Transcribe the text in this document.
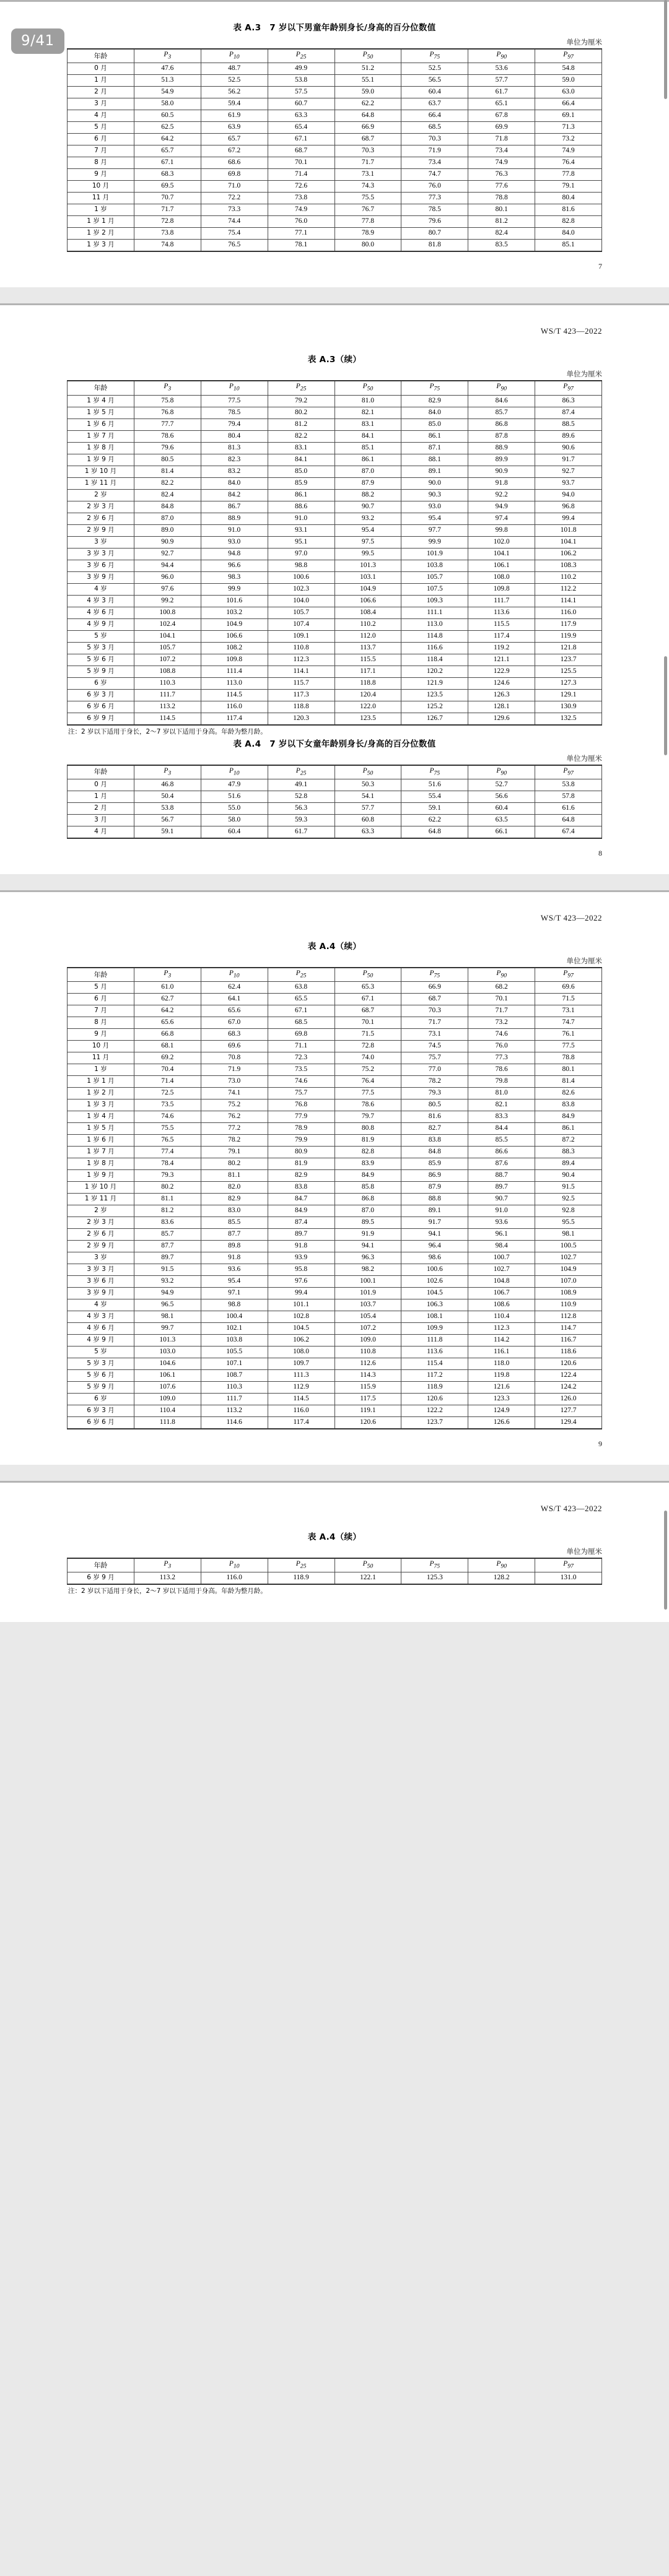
表 A.3　7 岁以下男童年龄别身长/身高的百分位数值
单位为厘米
年龄	$P_3$	$P_{10}$	$P_{25}$	$P_{50}$	$P_{75}$	$P_{90}$	$P_{97}$
0 月	47.6	48.7	49.9	51.2	52.5	53.6	54.8
1 月	51.3	52.5	53.8	55.1	56.5	57.7	59.0
2 月	54.9	56.2	57.5	59.0	60.4	61.7	63.0
3 月	58.0	59.4	60.7	62.2	63.7	65.1	66.4
4 月	60.5	61.9	63.3	64.8	66.4	67.8	69.1
5 月	62.5	63.9	65.4	66.9	68.5	69.9	71.3
6 月	64.2	65.7	67.1	68.7	70.3	71.8	73.2
7 月	65.7	67.2	68.7	70.3	71.9	73.4	74.9
8 月	67.1	68.6	70.1	71.7	73.4	74.9	76.4
9 月	68.3	69.8	71.4	73.1	74.7	76.3	77.8
10 月	69.5	71.0	72.6	74.3	76.0	77.6	79.1
11 月	70.7	72.2	73.8	75.5	77.3	78.8	80.4
1 岁	71.7	73.3	74.9	76.7	78.5	80.1	81.6
1 岁 1 月	72.8	74.4	76.0	77.8	79.6	81.2	82.8
1 岁 2 月	73.8	75.4	77.1	78.9	80.7	82.4	84.0
1 岁 3 月	74.8	76.5	78.1	80.0	81.8	83.5	85.1
7
9/41
WS/T 423—2022
表 A.3（续）
单位为厘米
年龄	$P_3$	$P_{10}$	$P_{25}$	$P_{50}$	$P_{75}$	$P_{90}$	$P_{97}$
1 岁 4 月	75.8	77.5	79.2	81.0	82.9	84.6	86.3
1 岁 5 月	76.8	78.5	80.2	82.1	84.0	85.7	87.4
1 岁 6 月	77.7	79.4	81.2	83.1	85.0	86.8	88.5
1 岁 7 月	78.6	80.4	82.2	84.1	86.1	87.8	89.6
1 岁 8 月	79.6	81.3	83.1	85.1	87.1	88.9	90.6
1 岁 9 月	80.5	82.3	84.1	86.1	88.1	89.9	91.7
1 岁 10 月	81.4	83.2	85.0	87.0	89.1	90.9	92.7
1 岁 11 月	82.2	84.0	85.9	87.9	90.0	91.8	93.7
2 岁	82.4	84.2	86.1	88.2	90.3	92.2	94.0
2 岁 3 月	84.8	86.7	88.6	90.7	93.0	94.9	96.8
2 岁 6 月	87.0	88.9	91.0	93.2	95.4	97.4	99.4
2 岁 9 月	89.0	91.0	93.1	95.4	97.7	99.8	101.8
3 岁	90.9	93.0	95.1	97.5	99.9	102.0	104.1
3 岁 3 月	92.7	94.8	97.0	99.5	101.9	104.1	106.2
3 岁 6 月	94.4	96.6	98.8	101.3	103.8	106.1	108.3
3 岁 9 月	96.0	98.3	100.6	103.1	105.7	108.0	110.2
4 岁	97.6	99.9	102.3	104.9	107.5	109.8	112.2
4 岁 3 月	99.2	101.6	104.0	106.6	109.3	111.7	114.1
4 岁 6 月	100.8	103.2	105.7	108.4	111.1	113.6	116.0
4 岁 9 月	102.4	104.9	107.4	110.2	113.0	115.5	117.9
5 岁	104.1	106.6	109.1	112.0	114.8	117.4	119.9
5 岁 3 月	105.7	108.2	110.8	113.7	116.6	119.2	121.8
5 岁 6 月	107.2	109.8	112.3	115.5	118.4	121.1	123.7
5 岁 9 月	108.8	111.4	114.1	117.1	120.2	122.9	125.5
6 岁	110.3	113.0	115.7	118.8	121.9	124.6	127.3
6 岁 3 月	111.7	114.5	117.3	120.4	123.5	126.3	129.1
6 岁 6 月	113.2	116.0	118.8	122.0	125.2	128.1	130.9
6 岁 9 月	114.5	117.4	120.3	123.5	126.7	129.6	132.5
注：2 岁以下适用于身长，2～7 岁以下适用于身高。年龄为整月龄。
表 A.4　7 岁以下女童年龄别身长/身高的百分位数值
单位为厘米
年龄	$P_3$	$P_{10}$	$P_{25}$	$P_{50}$	$P_{75}$	$P_{90}$	$P_{97}$
0 月	46.8	47.9	49.1	50.3	51.6	52.7	53.8
1 月	50.4	51.6	52.8	54.1	55.4	56.6	57.8
2 月	53.8	55.0	56.3	57.7	59.1	60.4	61.6
3 月	56.7	58.0	59.3	60.8	62.2	63.5	64.8
4 月	59.1	60.4	61.7	63.3	64.8	66.1	67.4
8
WS/T 423—2022
表 A.4（续）
单位为厘米
年龄	$P_3$	$P_{10}$	$P_{25}$	$P_{50}$	$P_{75}$	$P_{90}$	$P_{97}$
5 月	61.0	62.4	63.8	65.3	66.9	68.2	69.6
6 月	62.7	64.1	65.5	67.1	68.7	70.1	71.5
7 月	64.2	65.6	67.1	68.7	70.3	71.7	73.1
8 月	65.6	67.0	68.5	70.1	71.7	73.2	74.7
9 月	66.8	68.3	69.8	71.5	73.1	74.6	76.1
10 月	68.1	69.6	71.1	72.8	74.5	76.0	77.5
11 月	69.2	70.8	72.3	74.0	75.7	77.3	78.8
1 岁	70.4	71.9	73.5	75.2	77.0	78.6	80.1
1 岁 1 月	71.4	73.0	74.6	76.4	78.2	79.8	81.4
1 岁 2 月	72.5	74.1	75.7	77.5	79.3	81.0	82.6
1 岁 3 月	73.5	75.2	76.8	78.6	80.5	82.1	83.8
1 岁 4 月	74.6	76.2	77.9	79.7	81.6	83.3	84.9
1 岁 5 月	75.5	77.2	78.9	80.8	82.7	84.4	86.1
1 岁 6 月	76.5	78.2	79.9	81.9	83.8	85.5	87.2
1 岁 7 月	77.4	79.1	80.9	82.8	84.8	86.6	88.3
1 岁 8 月	78.4	80.2	81.9	83.9	85.9	87.6	89.4
1 岁 9 月	79.3	81.1	82.9	84.9	86.9	88.7	90.4
1 岁 10 月	80.2	82.0	83.8	85.8	87.9	89.7	91.5
1 岁 11 月	81.1	82.9	84.7	86.8	88.8	90.7	92.5
2 岁	81.2	83.0	84.9	87.0	89.1	91.0	92.8
2 岁 3 月	83.6	85.5	87.4	89.5	91.7	93.6	95.5
2 岁 6 月	85.7	87.7	89.7	91.9	94.1	96.1	98.1
2 岁 9 月	87.7	89.8	91.8	94.1	96.4	98.4	100.5
3 岁	89.7	91.8	93.9	96.3	98.6	100.7	102.7
3 岁 3 月	91.5	93.6	95.8	98.2	100.6	102.7	104.9
3 岁 6 月	93.2	95.4	97.6	100.1	102.6	104.8	107.0
3 岁 9 月	94.9	97.1	99.4	101.9	104.5	106.7	108.9
4 岁	96.5	98.8	101.1	103.7	106.3	108.6	110.9
4 岁 3 月	98.1	100.4	102.8	105.4	108.1	110.4	112.8
4 岁 6 月	99.7	102.1	104.5	107.2	109.9	112.3	114.7
4 岁 9 月	101.3	103.8	106.2	109.0	111.8	114.2	116.7
5 岁	103.0	105.5	108.0	110.8	113.6	116.1	118.6
5 岁 3 月	104.6	107.1	109.7	112.6	115.4	118.0	120.6
5 岁 6 月	106.1	108.7	111.3	114.3	117.2	119.8	122.4
5 岁 9 月	107.6	110.3	112.9	115.9	118.9	121.6	124.2
6 岁	109.0	111.7	114.5	117.5	120.6	123.3	126.0
6 岁 3 月	110.4	113.2	116.0	119.1	122.2	124.9	127.7
6 岁 6 月	111.8	114.6	117.4	120.6	123.7	126.6	129.4
9
WS/T 423—2022
表 A.4（续）
单位为厘米
年龄	$P_3$	$P_{10}$	$P_{25}$	$P_{50}$	$P_{75}$	$P_{90}$	$P_{97}$
6 岁 9 月	113.2	116.0	118.9	122.1	125.3	128.2	131.0
注：2 岁以下适用于身长，2～7 岁以下适用于身高。年龄为整月龄。
